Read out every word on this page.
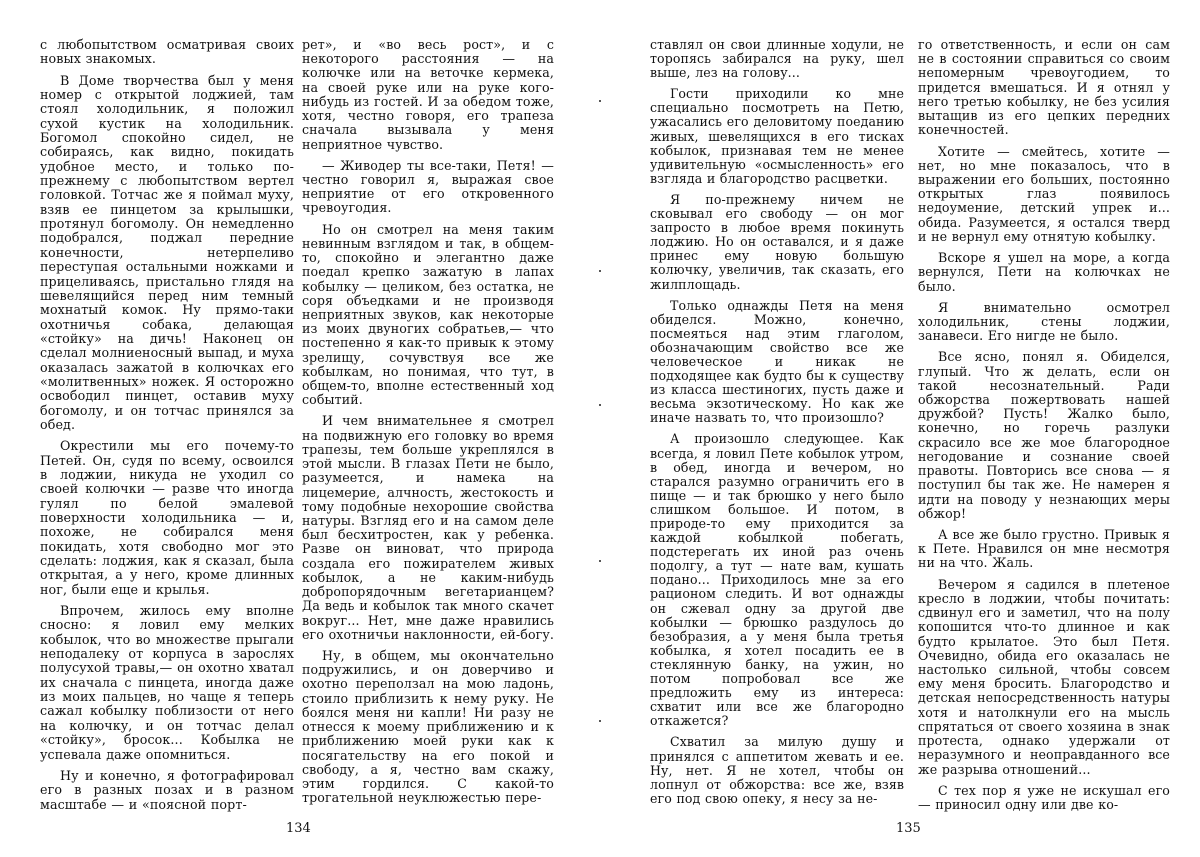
с любопытством осматривая своих новых знакомых.

В Доме творчества был у меня номер с открытой лоджией, там стоял холодильник, я положил сухой кустик на холодильник. Богомол спокойно сидел, не собираясь, как видно, покидать удобное место, и только по-прежнему с любопытством вертел головкой. Тотчас же я поймал муху, взяв ее пинцетом за крылышки, протянул богомолу. Он немедленно подобрался, поджал передние конечности, нетерпеливо переступая остальными ножками и прицеливаясь, пристально глядя на шевелящийся перед ним темный мохнатый комок. Ну прямо-таки охотничья собака, делающая «стойку» на дичь! Наконец он сделал молниеносный выпад, и муха оказалась зажатой в колючках его «молитвенных» ножек. Я осторожно освободил пинцет, оставив муху богомолу, и он тотчас принялся за обед.

Окрестили мы его почему-то Петей. Он, судя по всему, освоился в лоджии, никуда не уходил со своей колючки — разве что иногда гулял по белой эмалевой поверхности холодильника — и, похоже, не собирался меня покидать, хотя свободно мог это сделать: лоджия, как я сказал, была открытая, а у него, кроме длинных ног, были еще и крылья.

Впрочем, жилось ему вполне сносно: я ловил ему мелких кобылок, что во множестве прыгали неподалеку от корпуса в зарослях полусухой травы,— он охотно хватал их сначала с пинцета, иногда даже из моих пальцев, но чаще я теперь сажал кобылку поблизости от него на колючку, и он тотчас делал «стойку», бросок... Кобылка не успевала даже опомниться.

Ну и конечно, я фотографировал его в разных позах и в разном масштабе — и «поясной порт-

рет», и «во весь рост», и с некоторого расстояния — на колючке или на веточке кермека, на своей руке или на руке кого-нибудь из гостей. И за обедом тоже, хотя, честно говоря, его трапеза сначала вызывала у меня неприятное чувство.

— Живодер ты все-таки, Петя! — честно говорил я, выражая свое неприятие от его откровенного чревоугодия.

Но он смотрел на меня таким невинным взглядом и так, в общем-то, спокойно и элегантно даже поедал крепко зажатую в лапах кобылку — целиком, без остатка, не соря объедками и не производя неприятных звуков, как некоторые из моих двуногих собратьев,— что постепенно я как-то привык к этому зрелищу, сочувствуя все же кобылкам, но понимая, что тут, в общем-то, вполне естественный ход событий.

И чем внимательнее я смотрел на подвижную его головку во время трапезы, тем больше укреплялся в этой мысли. В глазах Пети не было, разумеется, и намека на лицемерие, алчность, жестокость и тому подобные нехорошие свойства натуры. Взгляд его и на самом деле был бесхитростен, как у ребенка. Разве он виноват, что природа создала его пожирателем живых кобылок, а не каким-нибудь добропорядочным вегетарианцем? Да ведь и кобылок так много скачет вокруг... Нет, мне даже нравились его охотничьи наклонности, ей-богу.

Ну, в общем, мы окончательно подружились, и он доверчиво и охотно переползал на мою ладонь, стоило приблизить к нему руку. Не боялся меня ни капли! Ни разу не отнесся к моему приближению и к приближению моей руки как к посягательству на его покой и свободу, а я, честно вам скажу, этим гордился. С какой-то трогательной неуклюжестью пере-

134

ставлял он свои длинные ходули, не торопясь забирался на руку, шел выше, лез на голову...

Гости приходили ко мне специально посмотреть на Петю, ужасались его деловитому поеданию живых, шевелящихся в его тисках кобылок, признавая тем не менее удивительную «осмысленность» его взгляда и благородство расцветки.

Я по-прежнему ничем не сковывал его свободу — он мог запросто в любое время покинуть лоджию. Но он оставался, и я даже принес ему новую большую колючку, увеличив, так сказать, его жилплощадь.

Только однажды Петя на меня обиделся. Можно, конечно, посмеяться над этим глаголом, обозначающим свойство все же человеческое и никак не подходящее как будто бы к существу из класса шестиногих, пусть даже и весьма экзотическому. Но как же иначе назвать то, что произошло?

А произошло следующее. Как всегда, я ловил Пете кобылок утром, в обед, иногда и вечером, но старался разумно ограничить его в пище — и так брюшко у него было слишком большое. И потом, в природе-то ему приходится за каждой кобылкой побегать, подстерегать их иной раз очень подолгу, а тут — нате вам, кушать подано... Приходилось мне за его рационом следить. И вот однажды он сжевал одну за другой две кобылки — брюшко раздулось до безобразия, а у меня была третья кобылка, я хотел посадить ее в стеклянную банку, на ужин, но потом попробовал все же предложить ему из интереса: схватит или все же благородно откажется?

Схватил за милую душу и принялся с аппетитом жевать и ее. Ну, нет. Я не хотел, чтобы он лопнул от обжорства: все же, взяв его под свою опеку, я несу за не-

го ответственность, и если он сам не в состоянии справиться со своим непомерным чревоугодием, то придется вмешаться. И я отнял у него третью кобылку, не без усилия вытащив из его цепких передних конечностей.

Хотите — смейтесь, хотите — нет, но мне показалось, что в выражении его больших, постоянно открытых глаз появилось недоумение, детский упрек и... обида. Разумеется, я остался тверд и не вернул ему отнятую кобылку.

Вскоре я ушел на море, а когда вернулся, Пети на колючках не было.

Я внимательно осмотрел холодильник, стены лоджии, занавеси. Его нигде не было.

Все ясно, понял я. Обиделся, глупый. Что ж делать, если он такой несознательный. Ради обжорства пожертвовать нашей дружбой? Пусть! Жалко было, конечно, но горечь разлуки скрасило все же мое благородное негодование и сознание своей правоты. Повторись все снова — я поступил бы так же. Не намерен я идти на поводу у незнающих меры обжор!

А все же было грустно. Привык я к Пете. Нравился он мне несмотря ни на что. Жаль.

Вечером я садился в плетеное кресло в лоджии, чтобы почитать: сдвинул его и заметил, что на полу копошится что-то длинное и как будто крылатое. Это был Петя. Очевидно, обида его оказалась не настолько сильной, чтобы совсем ему меня бросить. Благородство и детская непосредственность натуры хотя и натолкнули его на мысль спрятаться от своего хозяина в знак протеста, однако удержали от неразумного и неоправданного все же разрыва отношений...

С тех пор я уже не искушал его — приносил одну или две ко-

135
